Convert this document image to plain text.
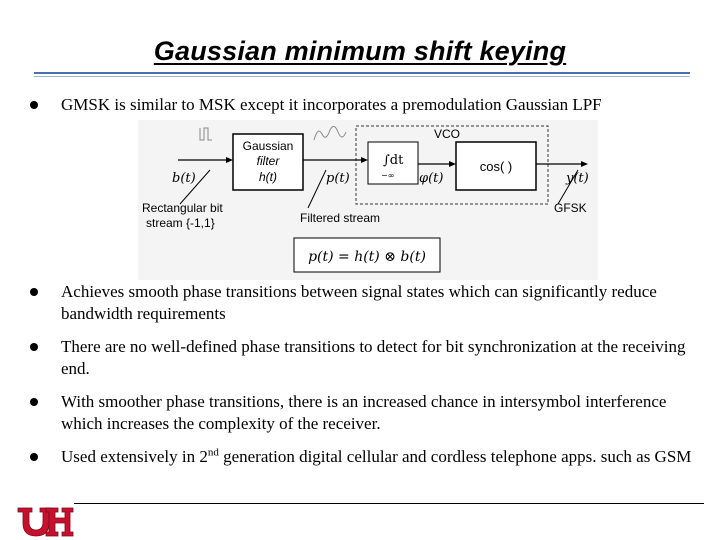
Gaussian minimum shift keying
GMSK is similar to MSK except it incorporates a premodulation Gaussian LPF
Gaussian
filter
h(t)
VCO
∫dt
−∞
cos( )
b(t)	p(t)	φ(t)	y(t)
Rectangular bit
stream {-1,1}	Filtered stream
GFSK
p(t) = h(t) ⊗ b(t)
Achieves smooth phase transitions between signal states which can significantly reduce bandwidth requirements
There are no well-defined phase transitions to detect for bit synchronization at the receiving end.
With smoother phase transitions, there is an increased chance in intersymbol interference which increases the complexity of the receiver.
Used extensively in 2nd generation digital cellular and cordless telephone apps. such as GSM
